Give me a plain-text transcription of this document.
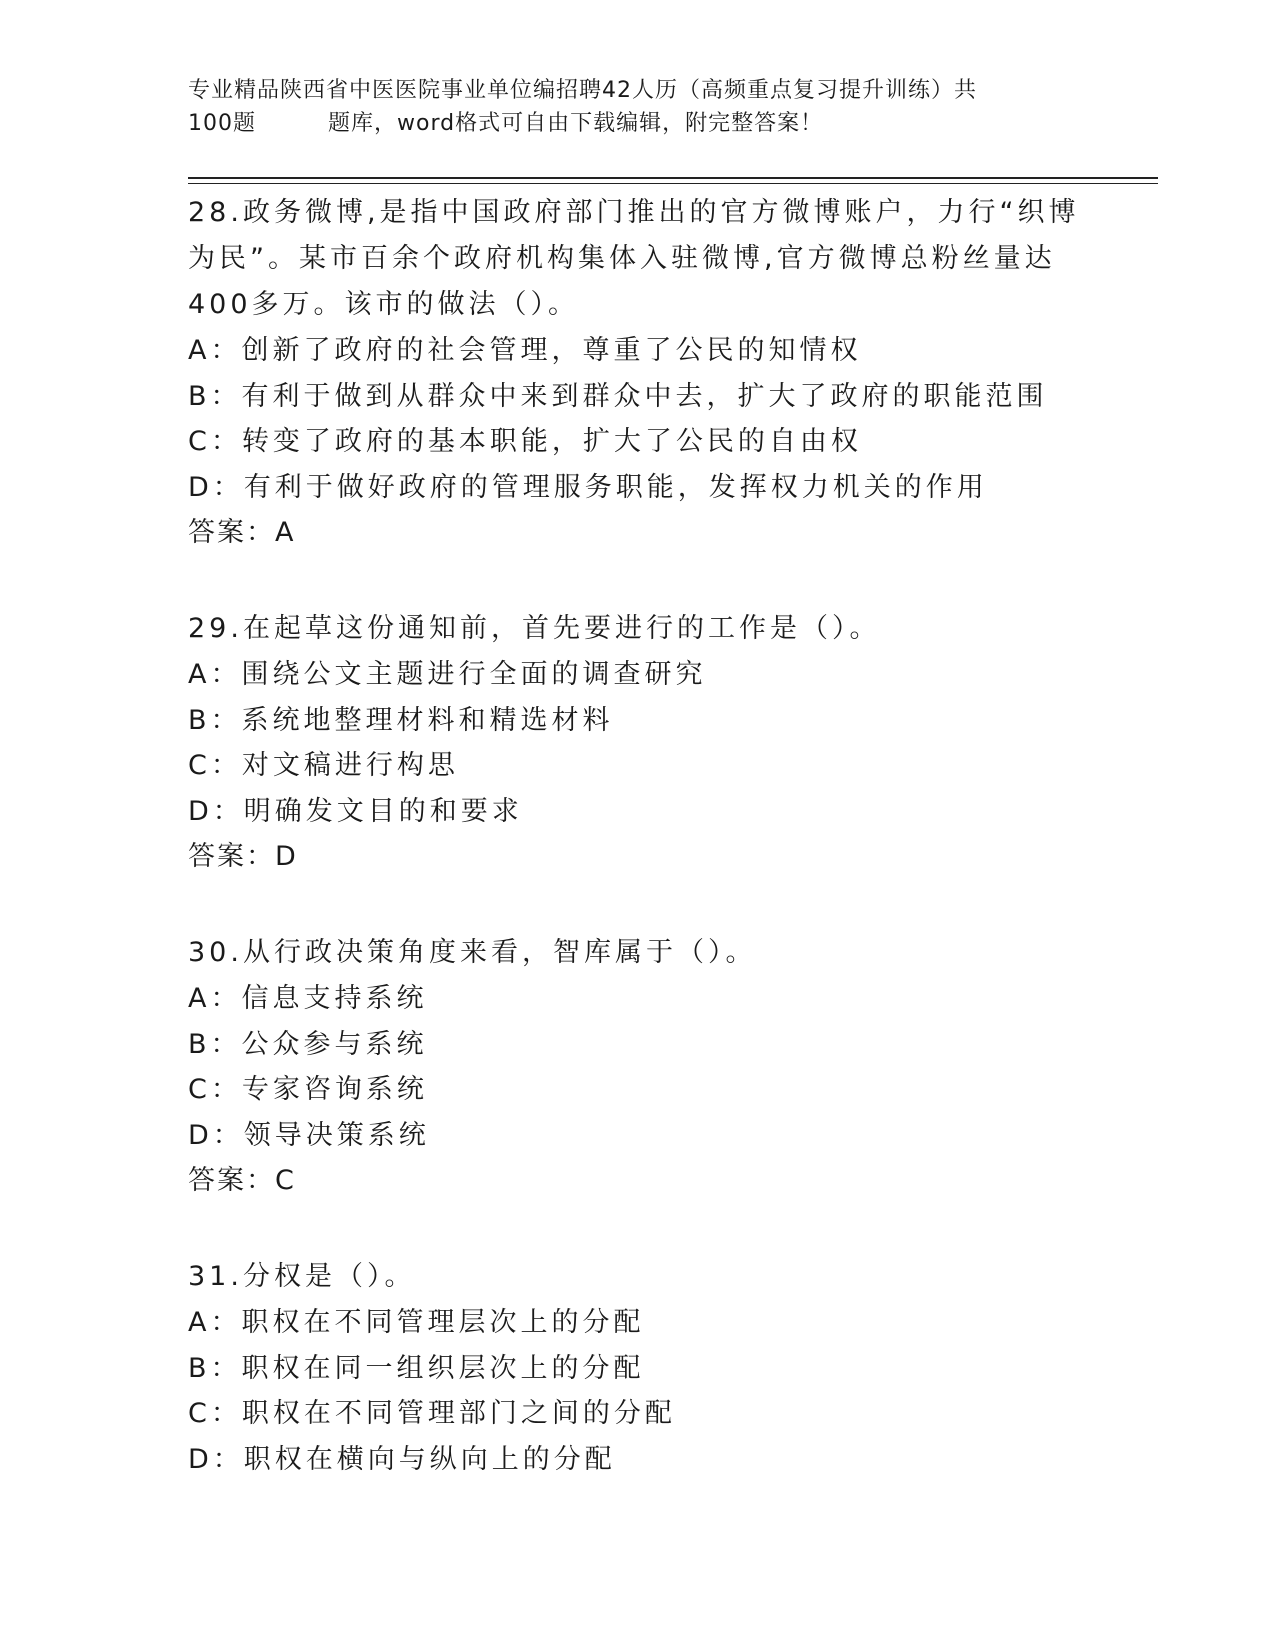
专业精品陕西省中医医院事业单位编招聘42人历（高频重点复习提升训练）共
100题	题库，word格式可自由下载编辑，附完整答案！
28.政务微博,是指中国政府部门推出的官方微博账户，力行“织博为民”。某市百余个政府机构集体入驻微博,官方微博总粉丝量达400多万。该市的做法（）。
A：创新了政府的社会管理，尊重了公民的知情权
B：有利于做到从群众中来到群众中去，扩大了政府的职能范围
C：转变了政府的基本职能，扩大了公民的自由权
D：有利于做好政府的管理服务职能，发挥权力机关的作用
答案：A
29.在起草这份通知前，首先要进行的工作是（）。
A：围绕公文主题进行全面的调查研究
B：系统地整理材料和精选材料
C：对文稿进行构思
D：明确发文目的和要求
答案：D
30.从行政决策角度来看，智库属于（）。
A：信息支持系统
B：公众参与系统
C：专家咨询系统
D：领导决策系统
答案：C
31.分权是（）。
A：职权在不同管理层次上的分配
B：职权在同一组织层次上的分配
C：职权在不同管理部门之间的分配
D：职权在横向与纵向上的分配
